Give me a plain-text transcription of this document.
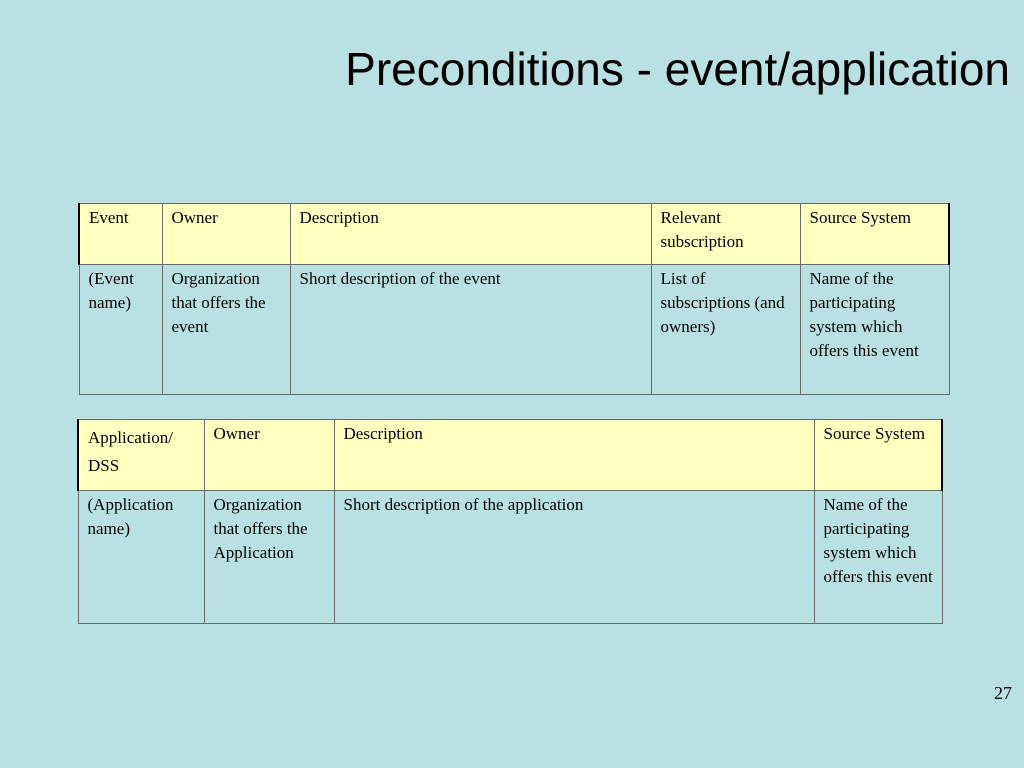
Preconditions - event/application
Event	Owner	Description	Relevant subscription	Source System
(Event name)	Organization that offers the event	Short description of the event	List of subscriptions (and owners)	Name of the participating system which offers this event
Application/
DSS	Owner	Description	Source System
(Application name)	Organization that offers the Application	Short description of the application	Name of the participating system which offers this event
27
